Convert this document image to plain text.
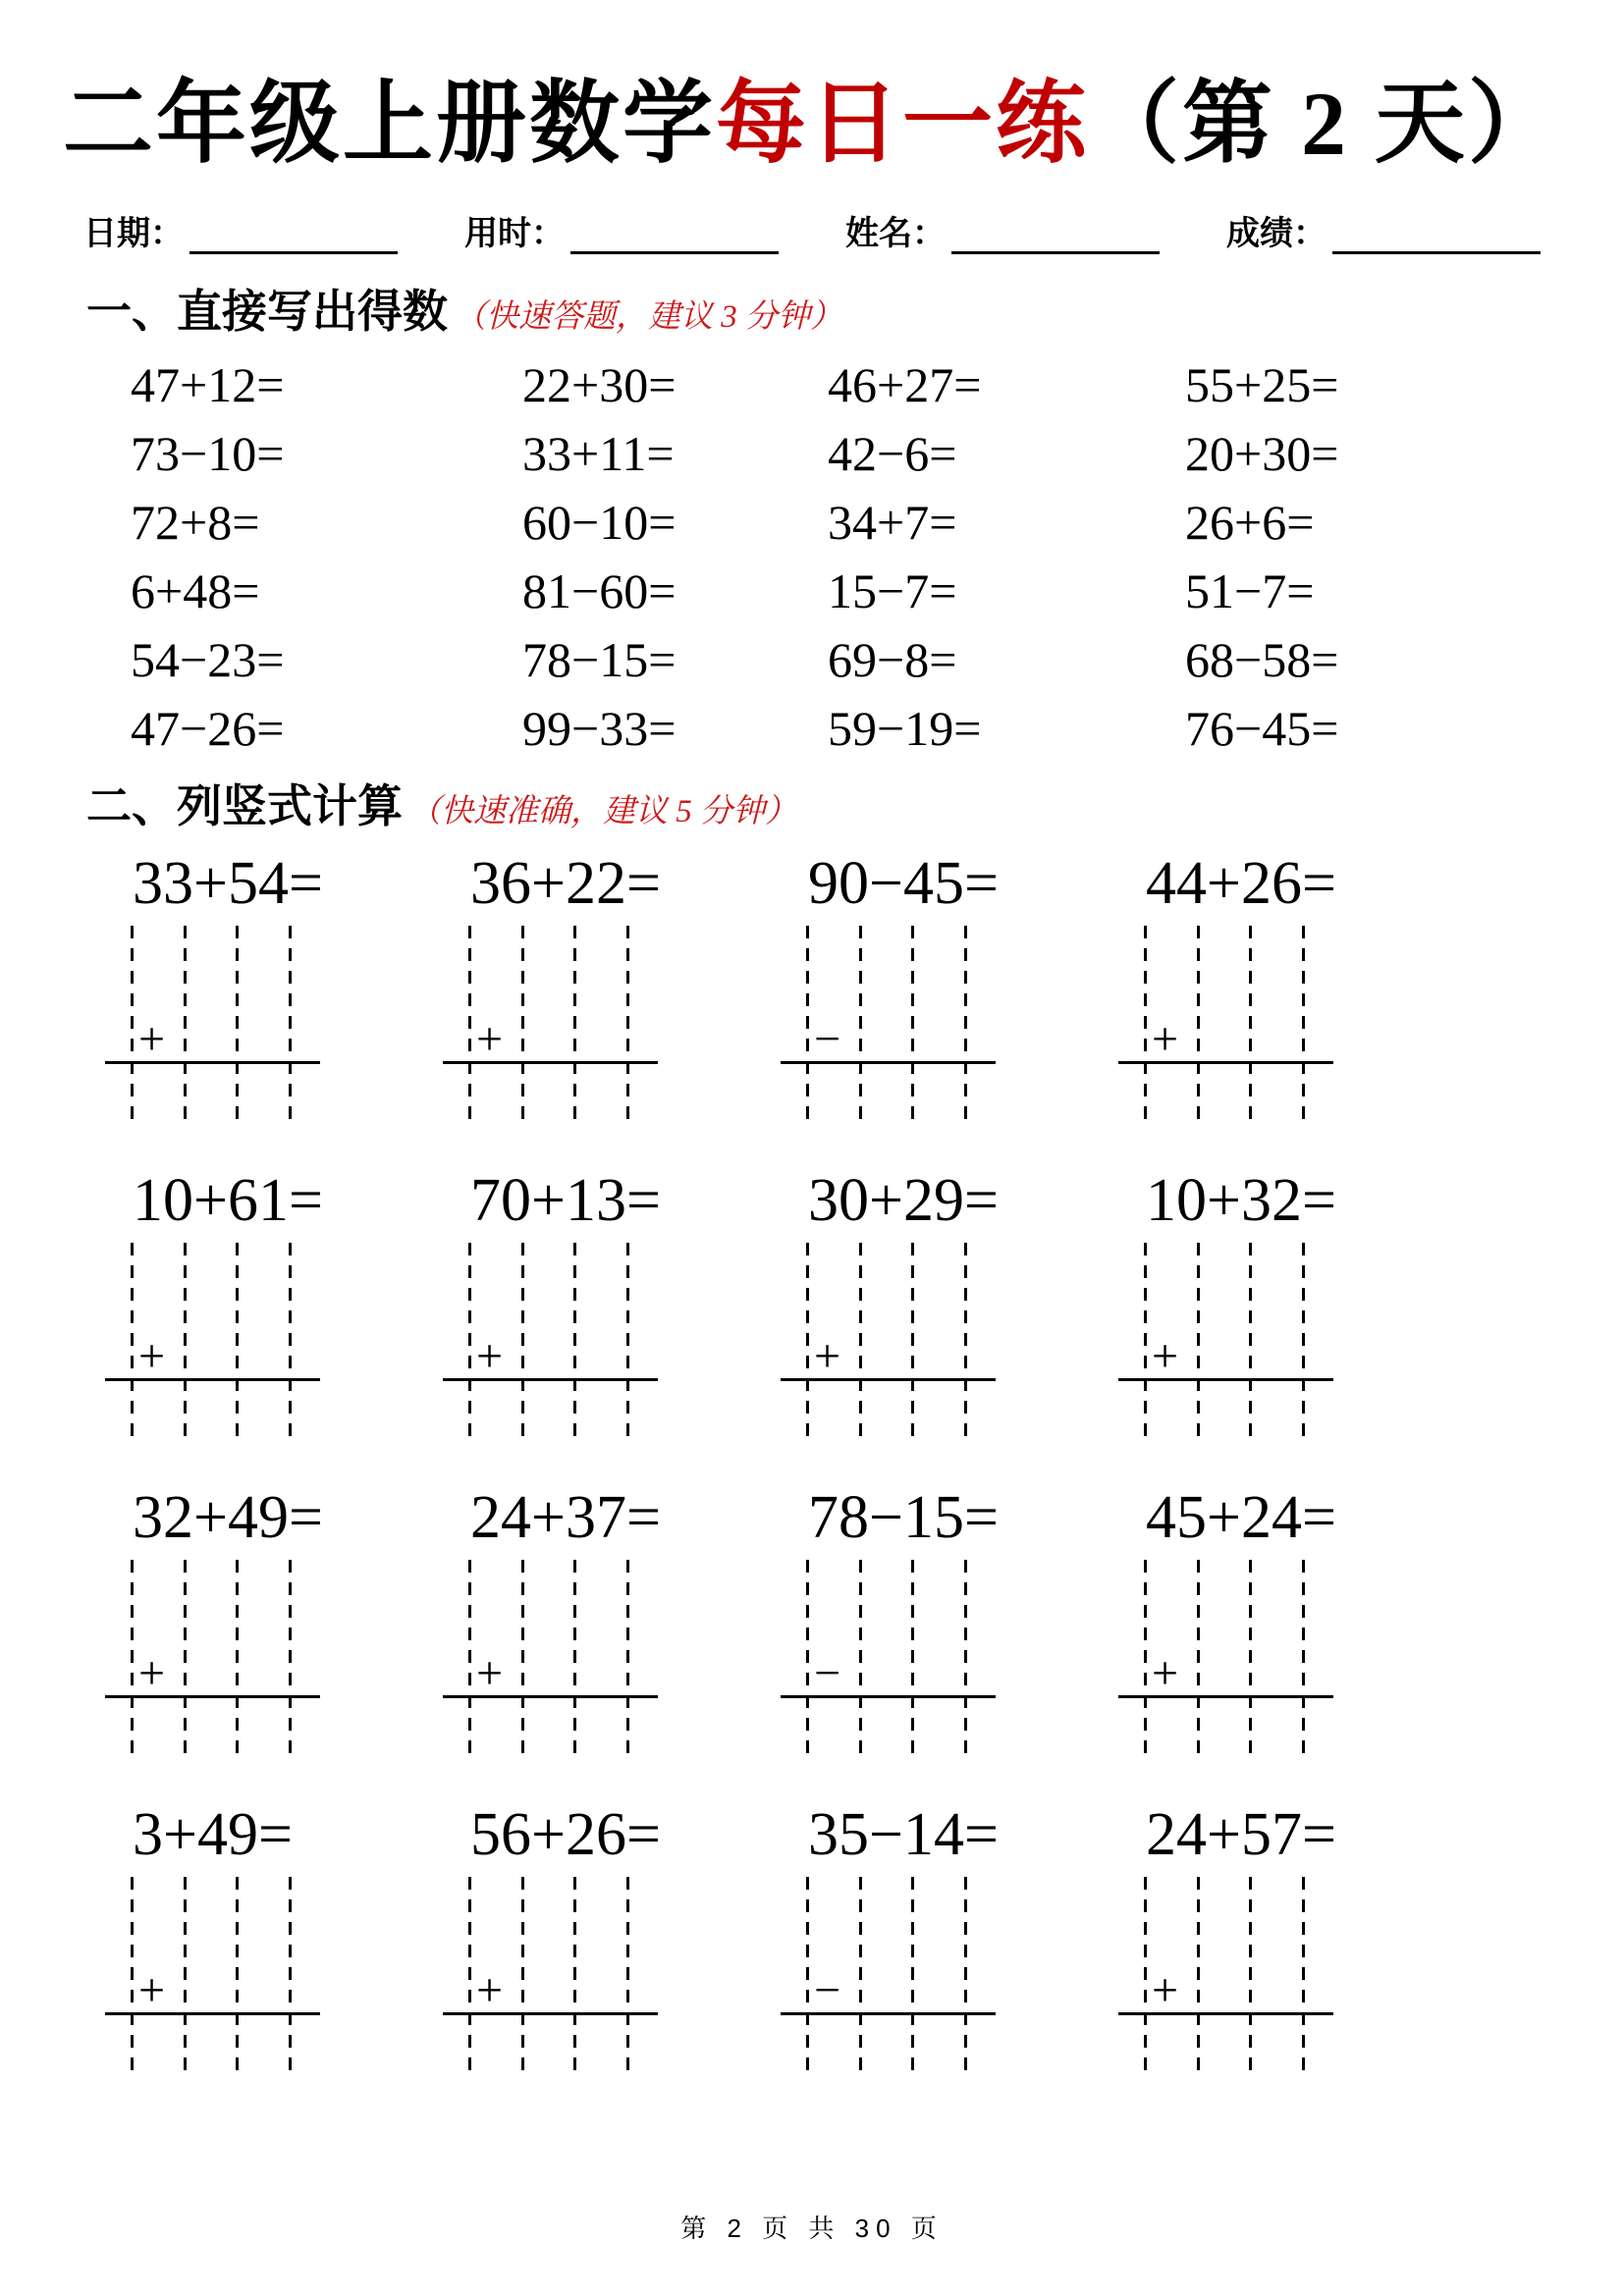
二年级上册数学每日一练（第 2 天）
日期：	用时：	姓名：	成绩：
一、直接写出得数 （快速答题，建议 3 分钟）
47+12=	22+30=	46+27=	55+25=
73−10=	33+11=	42−6=	20+30=
72+8=	60−10=	34+7=	26+6=
6+48=	81−60=	15−7=	51−7=
54−23=	78−15=	69−8=	68−58=
47−26=	99−33=	59−19=	76−45=
二、列竖式计算 （快速准确，建议 5 分钟）
33+54=	36+22=	90−45=	44+26=
+	+	−	+
10+61=	70+13=	30+29=	10+32=
+	+	+	+
32+49=	24+37=	78−15=	45+24=
+	+	−	+
3+49=	56+26=	35−14=	24+57=
+	+	−	+
第 2 页 共 30 页
